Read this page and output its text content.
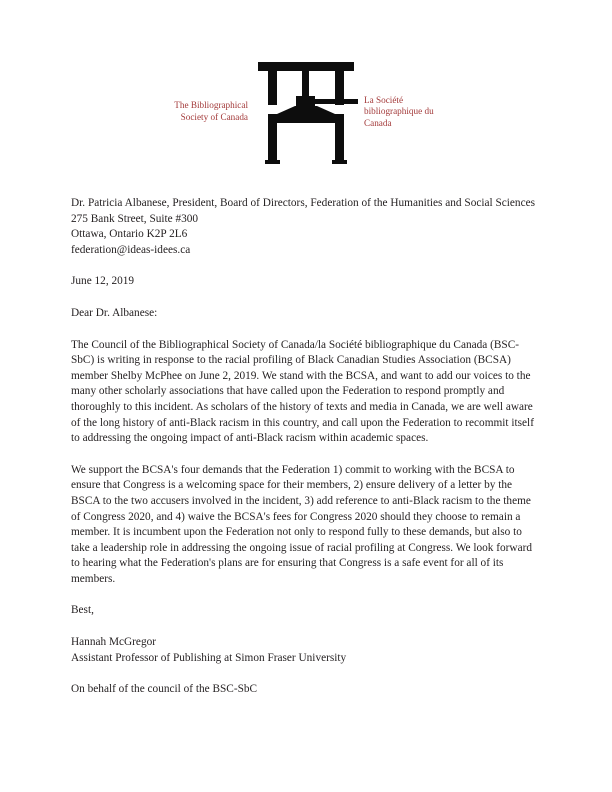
The Bibliographical Society of Canada
La Société bibliographique du Canada
Dr. Patricia Albanese, President, Board of Directors, Federation of the Humanities and Social Sciences
275 Bank Street, Suite #300
Ottawa, Ontario K2P 2L6
federation@ideas-idees.ca
June 12, 2019
Dear Dr. Albanese:

The Council of the Bibliographical Society of Canada/la Société bibliographique du Canada (BSC-SbC) is writing in response to the racial profiling of Black Canadian Studies Association (BCSA) member Shelby McPhee on June 2, 2019. We stand with the BCSA, and want to add our voices to the many other scholarly associations that have called upon the Federation to respond promptly and thoroughly to this incident. As scholars of the history of texts and media in Canada, we are well aware of the long history of anti-Black racism in this country, and call upon the Federation to recommit itself to addressing the ongoing impact of anti-Black racism within academic spaces.

We support the BCSA's four demands that the Federation 1) commit to working with the BCSA to ensure that Congress is a welcoming space for their members, 2) ensure delivery of a letter by the BSCA to the two accusers involved in the incident, 3) add reference to anti-Black racism to the theme of Congress 2020, and 4) waive the BCSA's fees for Congress 2020 should they choose to remain a member. It is incumbent upon the Federation not only to respond fully to these demands, but also to take a leadership role in addressing the ongoing issue of racial profiling at Congress. We look forward to hearing what the Federation's plans are for ensuring that Congress is a safe event for all of its members.

Best,
Hannah McGregor
Assistant Professor of Publishing at Simon Fraser University
On behalf of the council of the BSC-SbC
